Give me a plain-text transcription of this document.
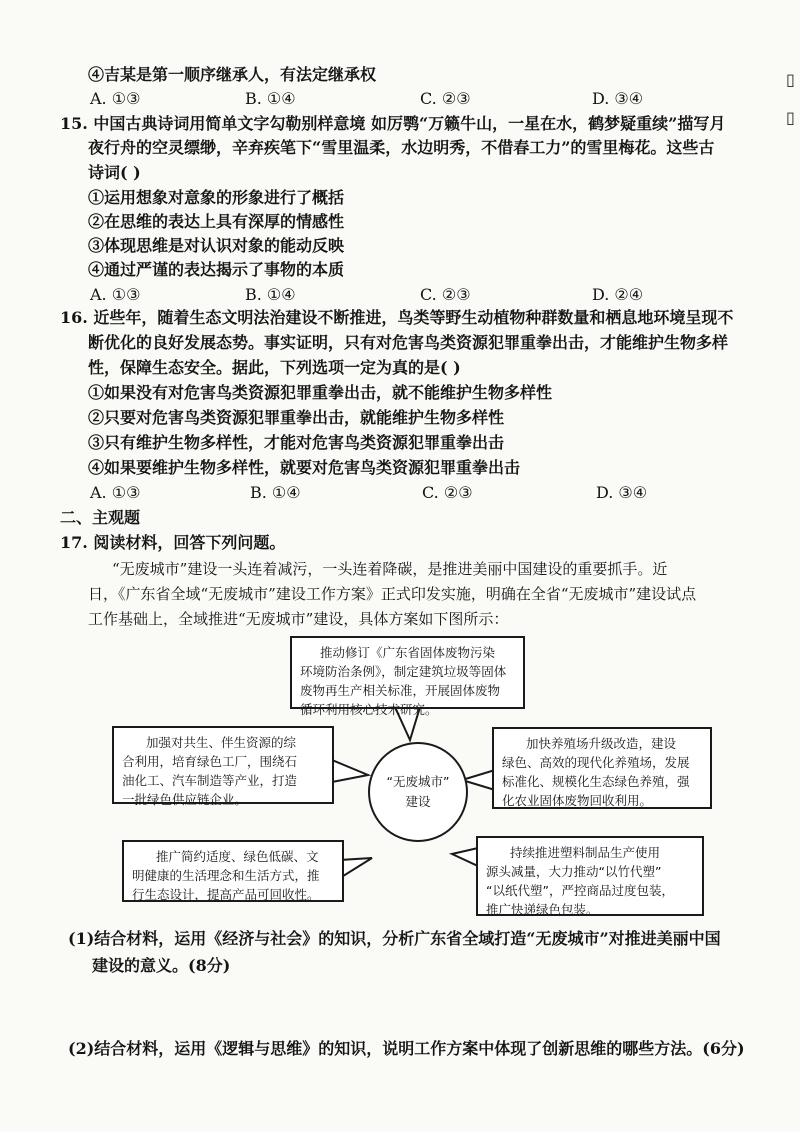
④吉某是第一顺序继承人，有法定继承权
A. ①③	B. ①④	C. ②③	D. ③④
15. 中国古典诗词用简单文字勾勒别样意境 如厉鹗“万籁牛山，一星在水，鹤梦疑重续”描写月
夜行舟的空灵缥缈，辛弃疾笔下“雪里温柔，水边明秀，不借春工力”的雪里梅花。这些古
诗词( )
①运用想象对意象的形象进行了概括
②在思维的表达上具有深厚的情感性
③体现思维是对认识对象的能动反映
④通过严谨的表达揭示了事物的本质
A. ①③	B. ①④	C. ②③	D. ②④
16. 近些年，随着生态文明法治建设不断推进，鸟类等野生动植物种群数量和栖息地环境呈现不
断优化的良好发展态势。事实证明，只有对危害鸟类资源犯罪重拳出击，才能维护生物多样
性，保障生态安全。据此，下列选项一定为真的是( )
①如果没有对危害鸟类资源犯罪重拳出击，就不能维护生物多样性
②只要对危害鸟类资源犯罪重拳出击，就能维护生物多样性
③只有维护生物多样性，才能对危害鸟类资源犯罪重拳出击
④如果要维护生物多样性，就要对危害鸟类资源犯罪重拳出击
A. ①③	B. ①④	C. ②③	D. ③④
二、主观题
17. 阅读材料，回答下列问题。
“无废城市”建设一头连着减污，一头连着降碳，是推进美丽中国建设的重要抓手。近
日，《广东省全域“无废城市”建设工作方案》正式印发实施，明确在全省“无废城市”建设试点
工作基础上，全域推进“无废城市”建设，具体方案如下图所示：
推动修订《广东省固体废物污染
环境防治条例》，制定建筑垃圾等固体
废物再生产相关标准，开展固体废物
循环利用核心技术研究。
加强对共生、伴生资源的综
合利用，培育绿色工厂，围绕石
油化工、汽车制造等产业，打造
一批绿色供应链企业。
加快养殖场升级改造，建设
绿色、高效的现代化养殖场，发展
标准化、规模化生态绿色养殖，强
化农业固体废物回收利用。
“无废城市”
建设
推广简约适度、绿色低碳、文
明健康的生活理念和生活方式，推
行生态设计，提高产品可回收性。
持续推进塑料制品生产使用
源头减量，大力推动“以竹代塑”
“以纸代塑”，严控商品过度包装，
推广快递绿色包装。
(1)结合材料，运用《经济与社会》的知识，分析广东省全域打造“无废城市”对推进美丽中国
建设的意义。(8分)
(2)结合材料，运用《逻辑与思维》的知识，说明工作方案中体现了创新思维的哪些方法。(6分)
▯
▯
